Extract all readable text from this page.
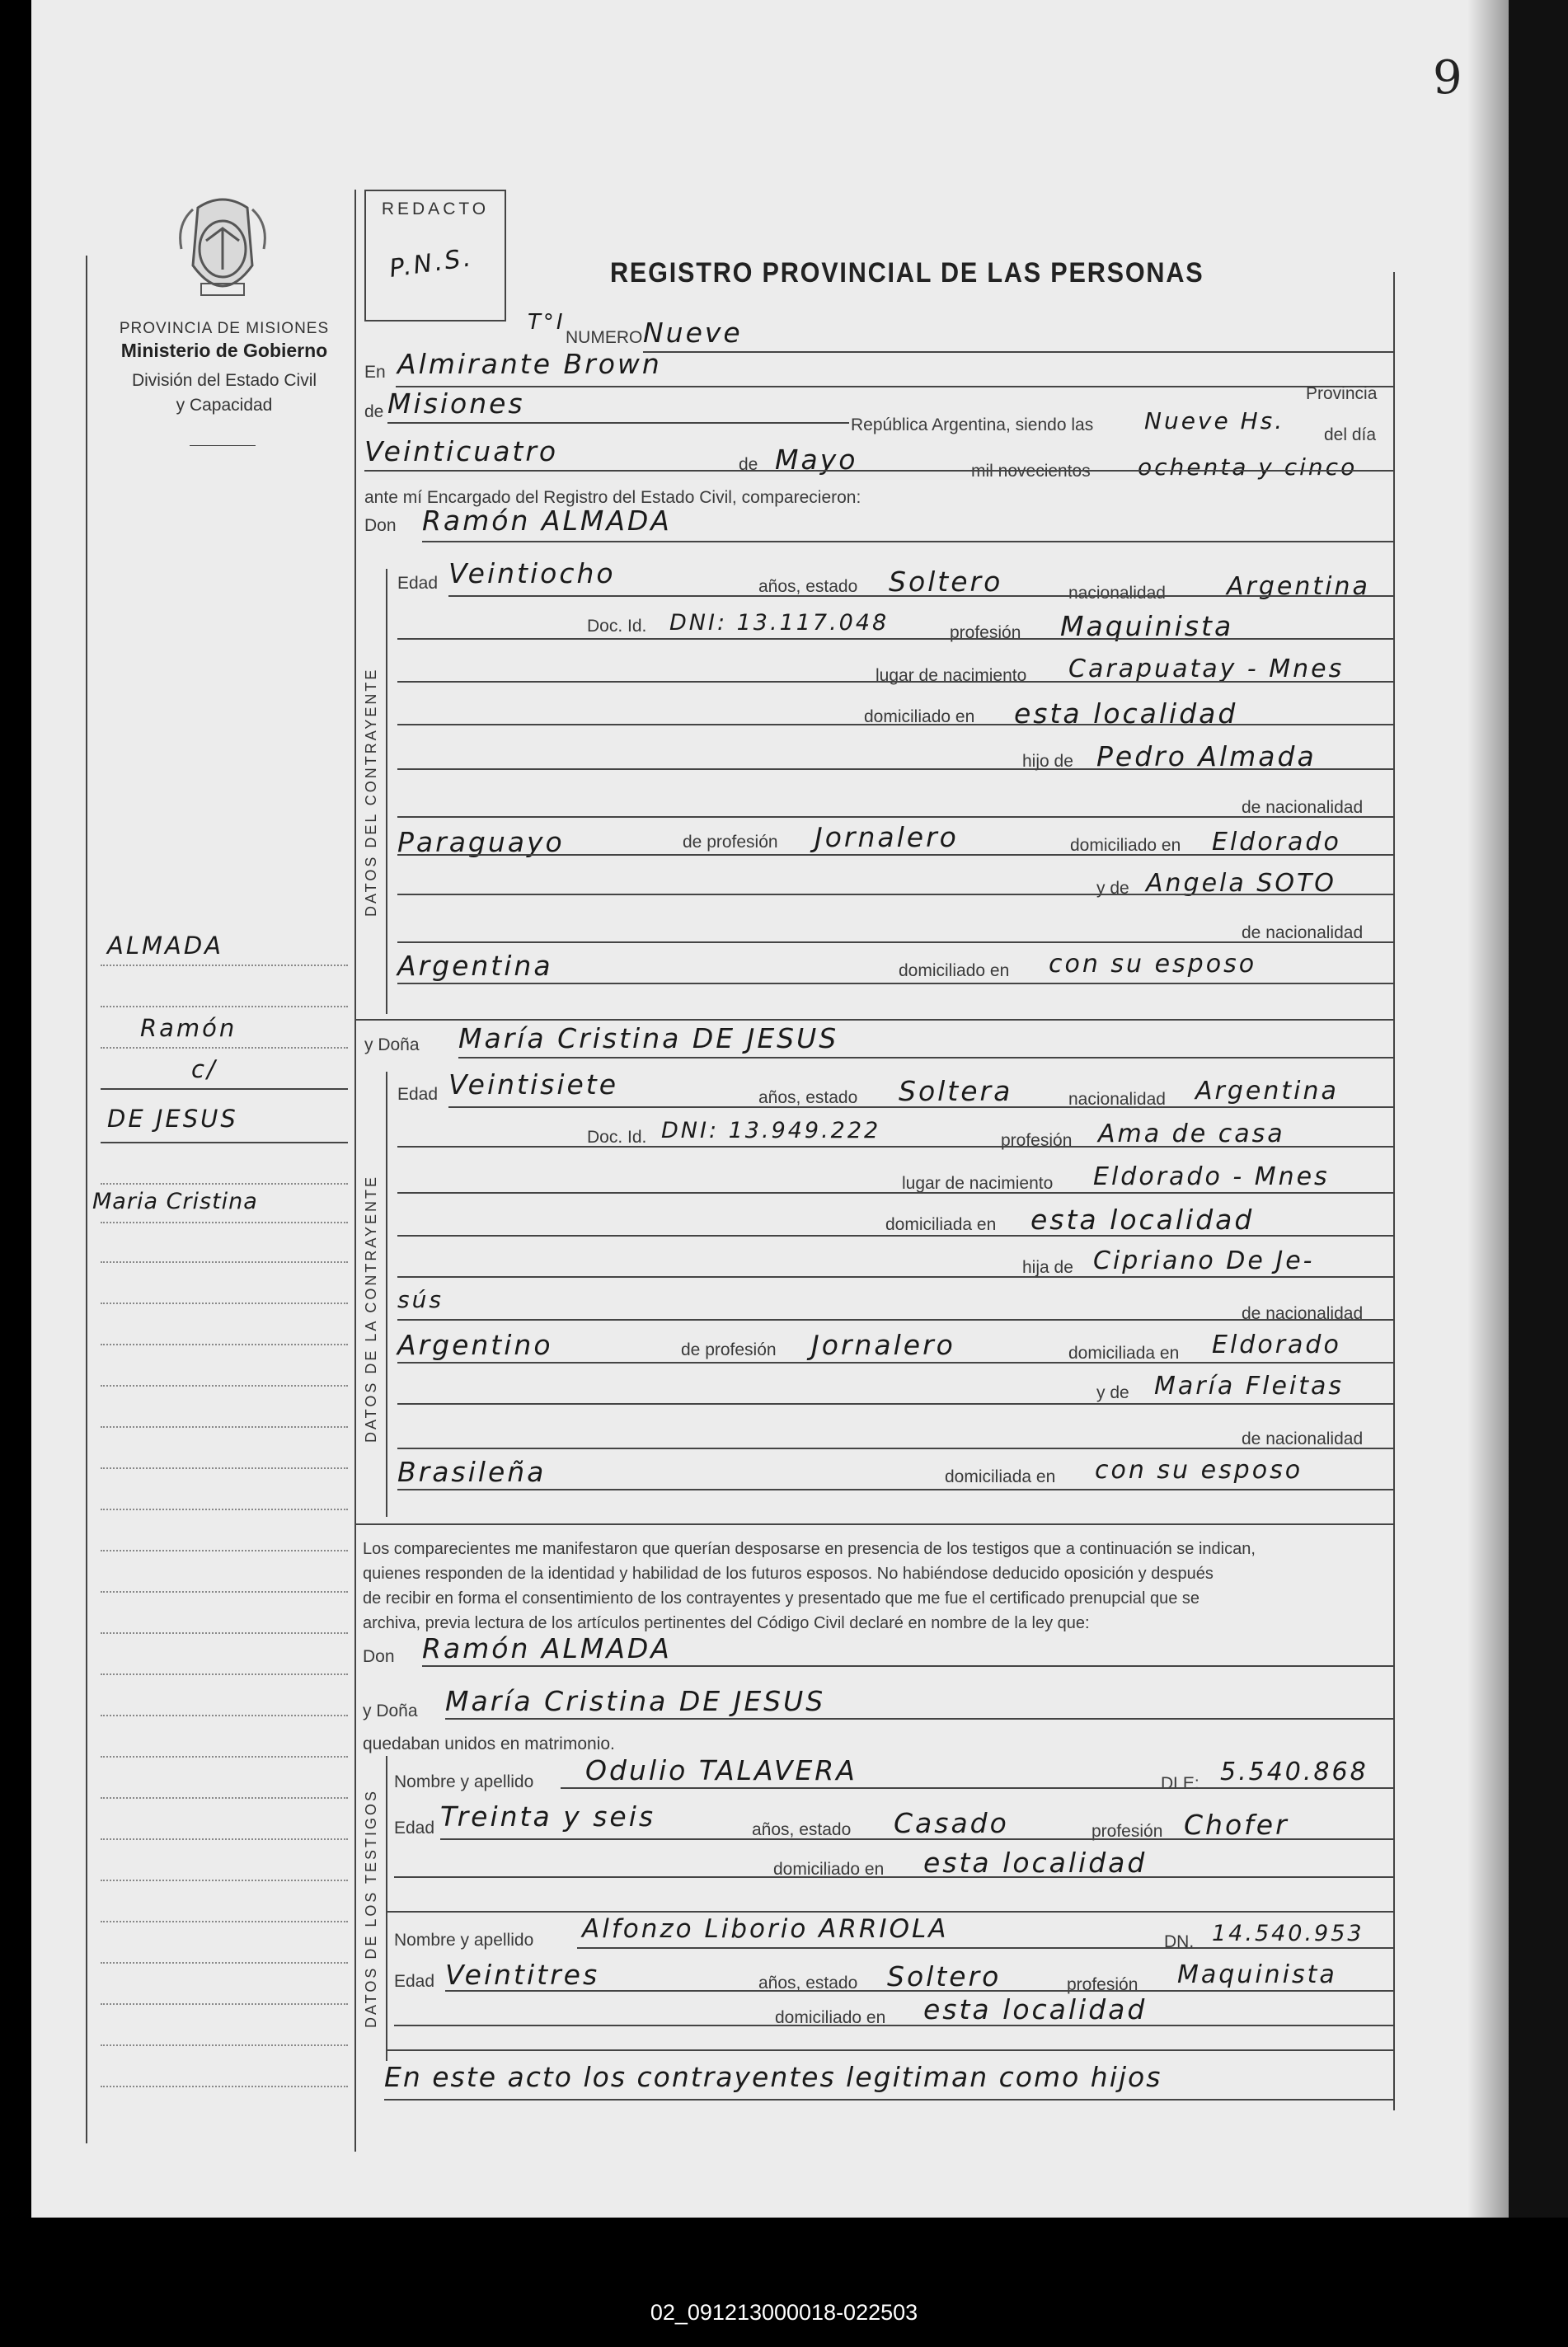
9
PROVINCIA DE MISIONES
Ministerio de Gobierno
División del Estado Civil
y Capacidad
ALMADA
Ramón
c/
DE JESUS
Maria Cristina
REDACTO
P.N.S.	REGISTRO PROVINCIAL DE LAS PERSONAS
T°I
NUMERO Nueve
En Almirante Brown
de Misiones	Provincia
República Argentina, siendo las Nueve Hs.
del día
Veinticuatro	de Mayo	mil novecientos ochenta y cinco
ante mí Encargado del Registro del Estado Civil, comparecieron:
Don Ramón ALMADA
DATOS DEL CONTRAYENTE
Edad Veintiocho	años, estado Soltero	nacionalidad Argentina
Doc. Id. DNI: 13.117.048	profesión Maquinista
lugar de nacimiento Carapuatay - Mnes
domiciliado en esta localidad
hijo de Pedro Almada
de nacionalidad
Paraguayo	de profesión Jornalero	domiciliado en Eldorado
y de Angela SOTO
de nacionalidad
Argentina	domiciliado en con su esposo
y Doña María Cristina DE JESUS
DATOS DE LA CONTRAYENTE
Edad Veintisiete	años, estado Soltera	nacionalidad Argentina
Doc. Id. DNI: 13.949.222	profesión Ama de casa
lugar de nacimiento Eldorado - Mnes
domiciliada en esta localidad
hija de Cipriano De Je-
sús
de nacionalidad
Argentino	de profesión Jornalero	domiciliada en Eldorado
y de María Fleitas
de nacionalidad
Brasileña	domiciliada en con su esposo
Los comparecientes me manifestaron que querían desposarse en presencia de los testigos que a continuación se indican,
quienes responden de la identidad y habilidad de los futuros esposos. No habiéndose deducido oposición y después
de recibir en forma el consentimiento de los contrayentes y presentado que me fue el certificado prenupcial que se
archiva, previa lectura de los artículos pertinentes del Código Civil declaré en nombre de la ley que:
Don Ramón ALMADA
y Doña María Cristina DE JESUS
quedaban unidos en matrimonio.
DATOS DE LOS TESTIGOS
Nombre y apellido Odulio TALAVERA	DLE: 5.540.868
Edad Treinta y seis	años, estado Casado	profesión Chofer
domiciliado en esta localidad
Nombre y apellido Alfonzo Liborio ARRIOLA	DN. 14.540.953
Edad Veintitres	años, estado Soltero	profesión Maquinista
domiciliado en esta localidad
En este acto los contrayentes legitiman como hijos
02_091213000018-022503
